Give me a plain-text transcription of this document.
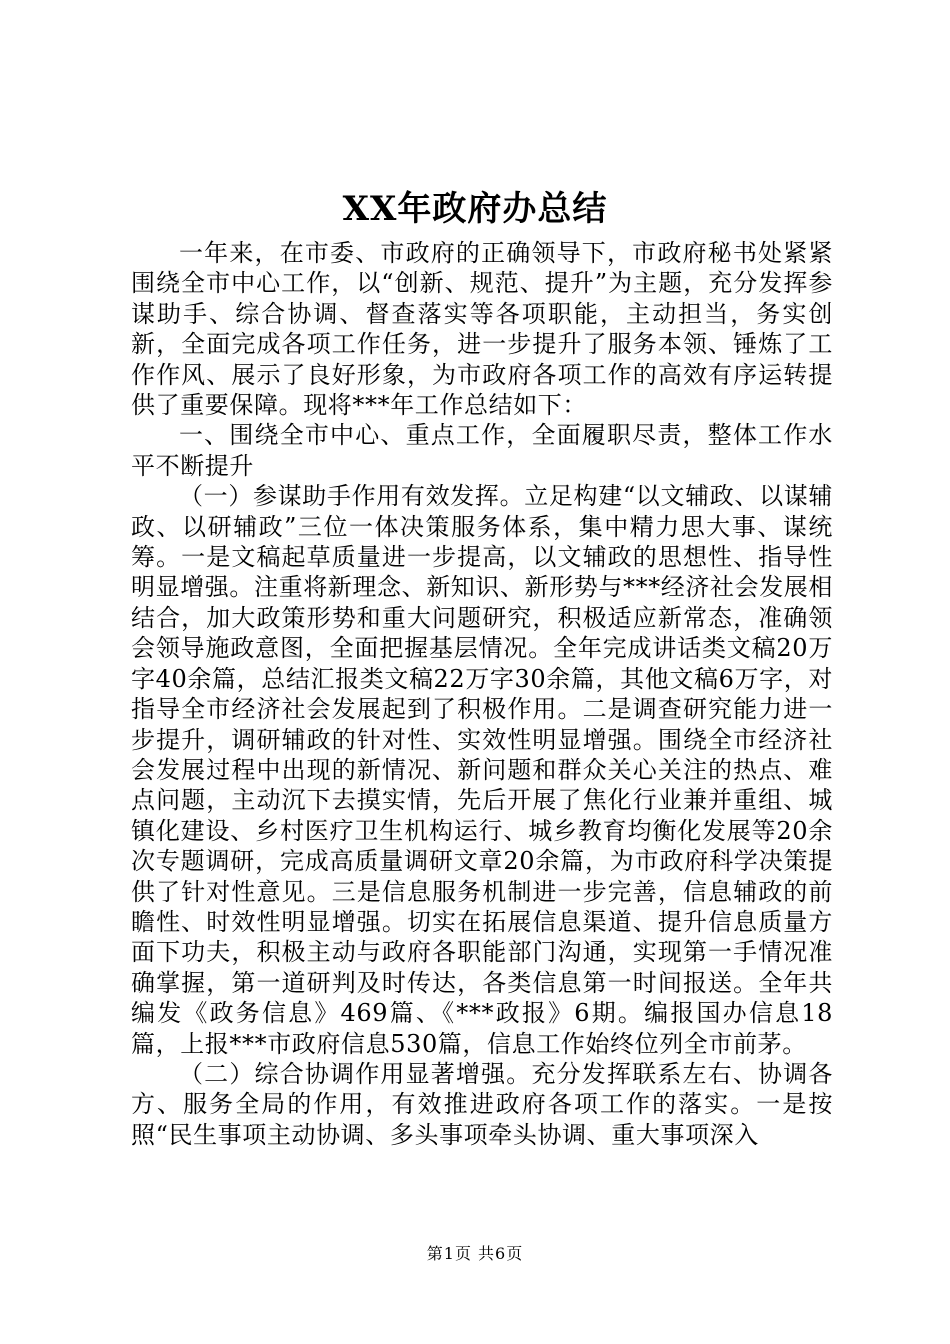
XX年政府办总结

一年来，在市委、市政府的正确领导下，市政府秘书处紧紧围绕全市中心工作，以“创新、规范、提升”为主题，充分发挥参谋助手、综合协调、督查落实等各项职能，主动担当，务实创新，全面完成各项工作任务，进一步提升了服务本领、锤炼了工作作风、展示了良好形象，为市政府各项工作的高效有序运转提供了重要保障。现将***年工作总结如下：

一、围绕全市中心、重点工作，全面履职尽责，整体工作水平不断提升

（一）参谋助手作用有效发挥。立足构建“以文辅政、以谋辅政、以研辅政”三位一体决策服务体系，集中精力思大事、谋统筹。一是文稿起草质量进一步提高，以文辅政的思想性、指导性明显增强。注重将新理念、新知识、新形势与***经济社会发展相结合，加大政策形势和重大问题研究，积极适应新常态，准确领会领导施政意图，全面把握基层情况。全年完成讲话类文稿20万字40余篇，总结汇报类文稿22万字30余篇，其他文稿6万字，对指导全市经济社会发展起到了积极作用。二是调查研究能力进一步提升，调研辅政的针对性、实效性明显增强。围绕全市经济社会发展过程中出现的新情况、新问题和群众关心关注的热点、难点问题，主动沉下去摸实情，先后开展了焦化行业兼并重组、城镇化建设、乡村医疗卫生机构运行、城乡教育均衡化发展等20余次专题调研，完成高质量调研文章20余篇，为市政府科学决策提供了针对性意见。三是信息服务机制进一步完善，信息辅政的前瞻性、时效性明显增强。切实在拓展信息渠道、提升信息质量方面下功夫，积极主动与政府各职能部门沟通，实现第一手情况准确掌握，第一道研判及时传达，各类信息第一时间报送。全年共编发《政务信息》469篇、《***政报》6期。编报国办信息18篇，上报***市政府信息530篇，信息工作始终位列全市前茅。

（二）综合协调作用显著增强。充分发挥联系左右、协调各方、服务全局的作用，有效推进政府各项工作的落实。一是按照“民生事项主动协调、多头事项牵头协调、重大事项深入

第1页 共6页
